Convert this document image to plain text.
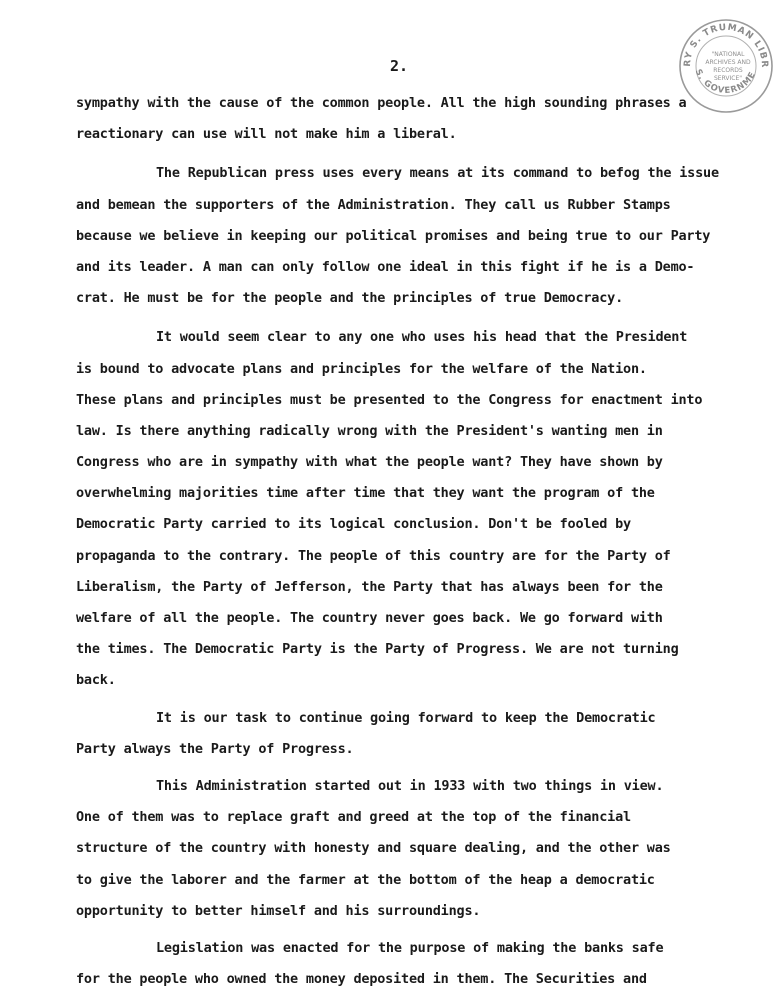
RY S. TRUMAN LIBR
S. GOVERNME
"NATIONAL
ARCHIVES AND
RECORDS
SERVICE"
2.
sympathy with the cause of the common people. All the high sounding phrases a
reactionary can use will not make him a liberal.
The Republican press uses every means at its command to befog the issue
and bemean the supporters of the Administration. They call us Rubber Stamps
because we believe in keeping our political promises and being true to our Party
and its leader. A man can only follow one ideal in this fight if he is a Demo-
crat. He must be for the people and the principles of true Democracy.
It would seem clear to any one who uses his head that the President
is bound to advocate plans and principles for the welfare of the Nation.
These plans and principles must be presented to the Congress for enactment into
law. Is there anything radically wrong with the President's wanting men in
Congress who are in sympathy with what the people want? They have shown by
overwhelming majorities time after time that they want the program of the
Democratic Party carried to its logical conclusion. Don't be fooled by
propaganda to the contrary. The people of this country are for the Party of
Liberalism, the Party of Jefferson, the Party that has always been for the
welfare of all the people. The country never goes back. We go forward with
the times. The Democratic Party is the Party of Progress. We are not turning
back.
It is our task to continue going forward to keep the Democratic
Party always the Party of Progress.
This Administration started out in 1933 with two things in view.
One of them was to replace graft and greed at the top of the financial
structure of the country with honesty and square dealing, and the other was
to give the laborer and the farmer at the bottom of the heap a democratic
opportunity to better himself and his surroundings.
Legislation was enacted for the purpose of making the banks safe
for the people who owned the money deposited in them. The Securities and
